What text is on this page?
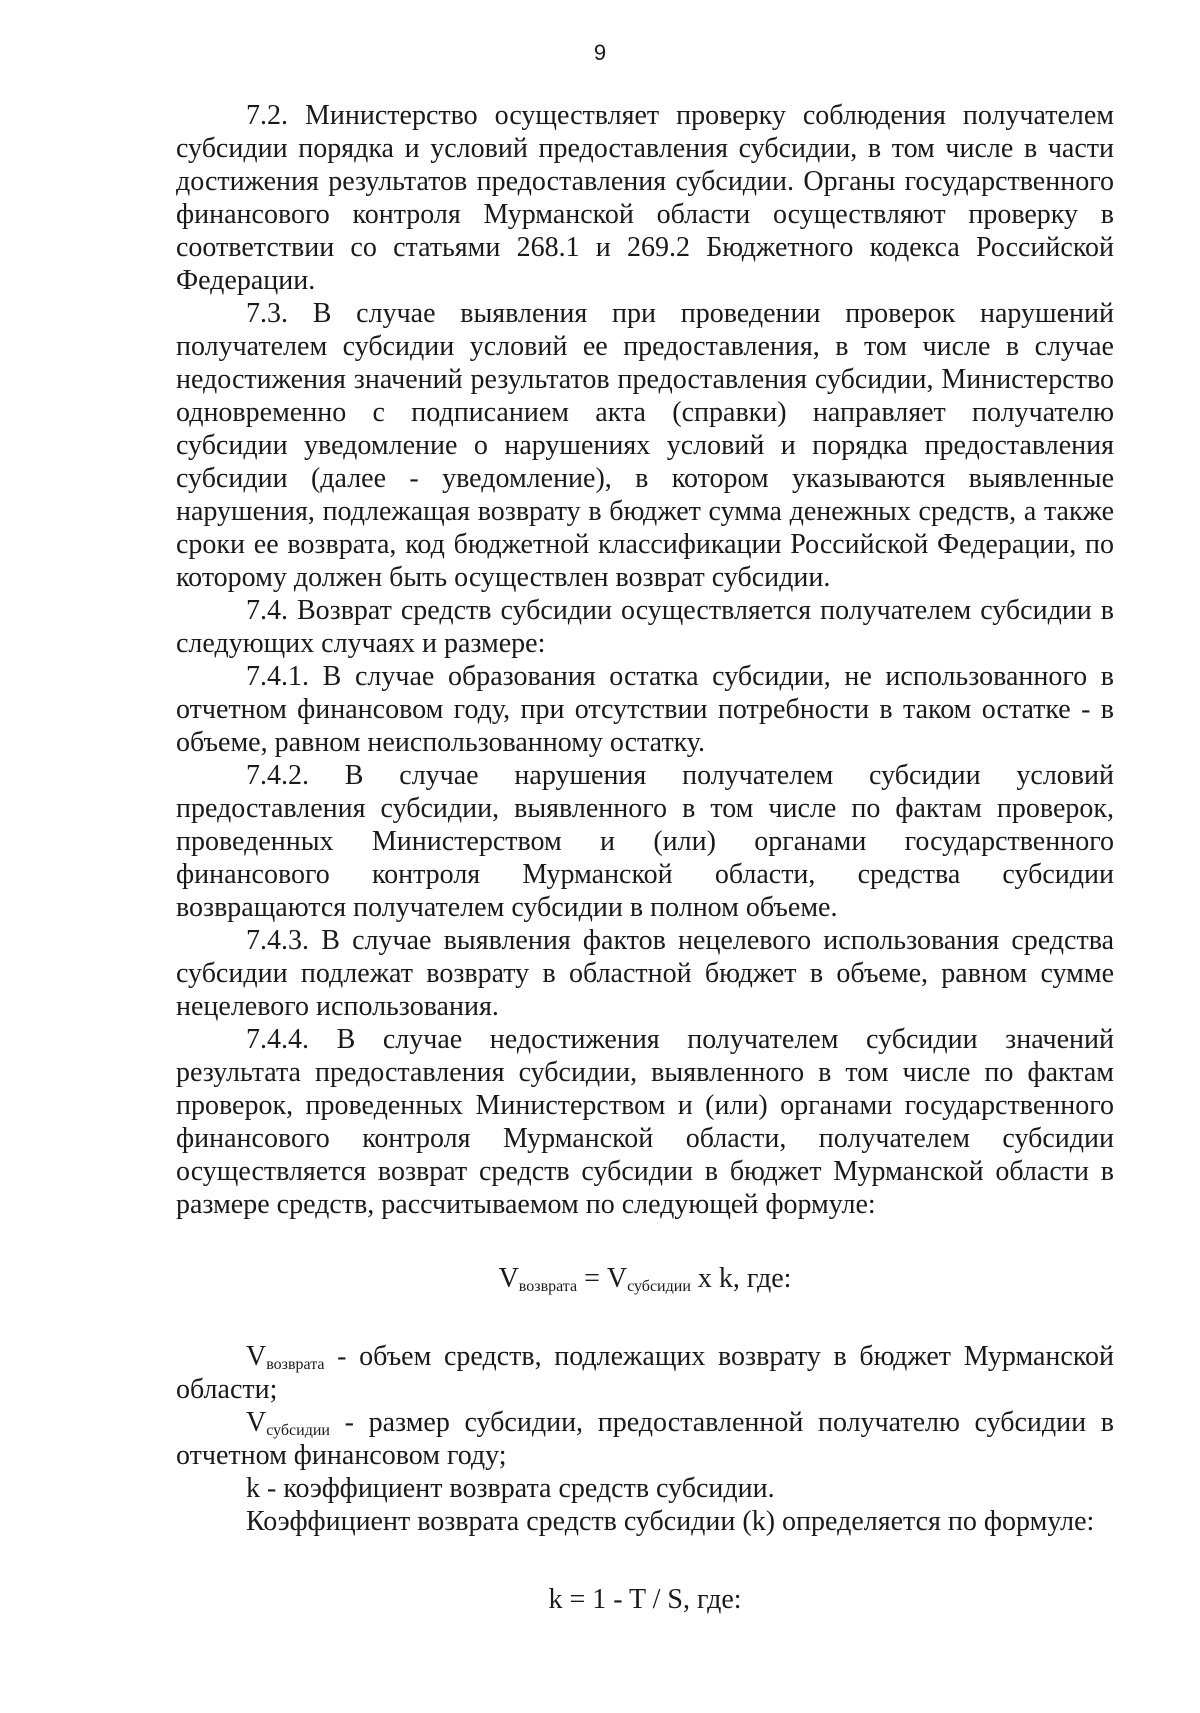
9

7.2. Министерство осуществляет проверку соблюдения получателем субсидии порядка и условий предоставления субсидии, в том числе в части достижения результатов предоставления субсидии. Органы государственного финансового контроля Мурманской области осуществляют проверку в соответствии со статьями 268.1 и 269.2 Бюджетного кодекса Российской Федерации.

7.3. В случае выявления при проведении проверок нарушений получателем субсидии условий ее предоставления, в том числе в случае недостижения значений результатов предоставления субсидии, Министерство одновременно с подписанием акта (справки) направляет получателю субсидии уведомление о нарушениях условий и порядка предоставления субсидии (далее - уведомление), в котором указываются выявленные нарушения, подлежащая возврату в бюджет сумма денежных средств, а также сроки ее возврата, код бюджетной классификации Российской Федерации, по которому должен быть осуществлен возврат субсидии.

7.4. Возврат средств субсидии осуществляется получателем субсидии в следующих случаях и размере:

7.4.1. В случае образования остатка субсидии, не использованного в отчетном финансовом году, при отсутствии потребности в таком остатке - в объеме, равном неиспользованному остатку.

7.4.2. В случае нарушения получателем субсидии условий предоставления субсидии, выявленного в том числе по фактам проверок, проведенных Министерством и (или) органами государственного финансового контроля Мурманской области, средства субсидии возвращаются получателем субсидии в полном объеме.

7.4.3. В случае выявления фактов нецелевого использования средства субсидии подлежат возврату в областной бюджет в объеме, равном сумме нецелевого использования.

7.4.4. В случае недостижения получателем субсидии значений результата предоставления субсидии, выявленного в том числе по фактам проверок, проведенных Министерством и (или) органами государственного финансового контроля Мурманской области, получателем субсидии осуществляется возврат средств субсидии в бюджет Мурманской области в размере средств, рассчитываемом по следующей формуле:

$V_{возврата} = V_{субсидии}$ x k, где:

$V_{возврата}$ - объем средств, подлежащих возврату в бюджет Мурманской области;

$V_{субсидии}$ - размер субсидии, предоставленной получателю субсидии в отчетном финансовом году;

k - коэффициент возврата средств субсидии.

Коэффициент возврата средств субсидии (k) определяется по формуле:

k = 1 - T / S, где:
